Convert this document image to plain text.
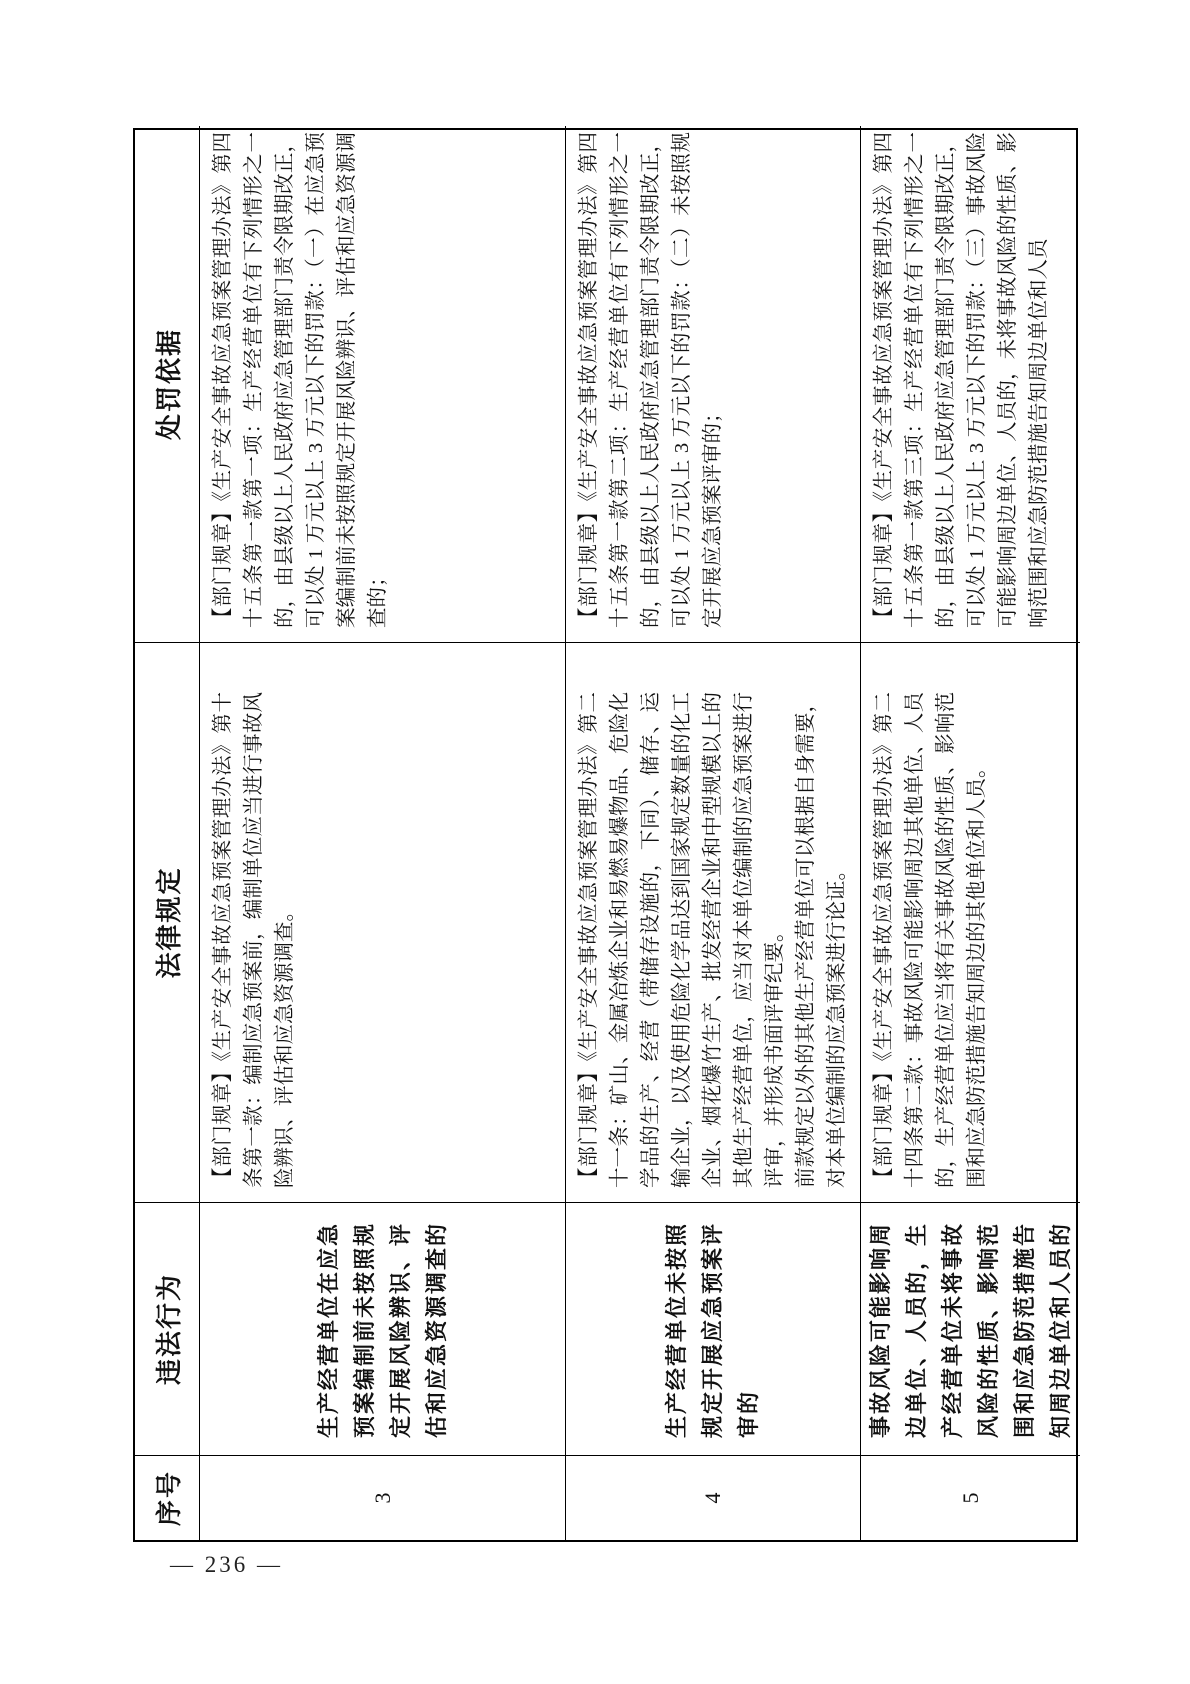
序号
违法行为
法律规定
处罚依据
3
生产经营单位在应急预案编制前未按照规定开展风险辨识、评估和应急资源调查的
【部门规章】《生产安全事故应急预案管理办法》第十条第一款：编制应急预案前，编制单位应当进行事故风险辨识、评估和应急资源调查。
【部门规章】《生产安全事故应急预案管理办法》第四十五条第一款第一项：生产经营单位有下列情形之一的，由县级以上人民政府应急管理部门责令限期改正，可以处 1 万元以上 3 万元以下的罚款：（一）在应急预案编制前未按照规定开展风险辨识、评估和应急资源调查的；
4
生产经营单位未按照规定开展应急预案评审的
【部门规章】《生产安全事故应急预案管理办法》第二十一条：矿山、金属冶炼企业和易燃易爆物品、危险化学品的生产、经营（带储存设施的，下同）、储存、运输企业，以及使用危险化学品达到国家规定数量的化工企业、烟花爆竹生产、批发经营企业和中型规模以上的其他生产经营单位，应当对本单位编制的应急预案进行评审，并形成书面评审纪要。 前款规定以外的其他生产经营单位可以根据自身需要，对本单位编制的应急预案进行论证。
【部门规章】《生产安全事故应急预案管理办法》第四十五条第一款第二项：生产经营单位有下列情形之一的，由县级以上人民政府应急管理部门责令限期改正，可以处 1 万元以上 3 万元以下的罚款：（二）未按照规定开展应急预案评审的；
5
事故风险可能影响周边单位、人员的，生产经营单位未将事故风险的性质、影响范围和应急防范措施告知周边单位和人员的
【部门规章】《生产安全事故应急预案管理办法》第二十四条第二款：事故风险可能影响周边其他单位、人员的，生产经营单位应当将有关事故风险的性质、影响范围和应急防范措施告知周边的其他单位和人员。
【部门规章】《生产安全事故应急预案管理办法》第四十五条第一款第三项：生产经营单位有下列情形之一的，由县级以上人民政府应急管理部门责令限期改正，可以处 1 万元以上 3 万元以下的罚款：（三）事故风险可能影响周边单位、人员的，未将事故风险的性质、影响范围和应急防范措施告知周边单位和人员
— 236 —
